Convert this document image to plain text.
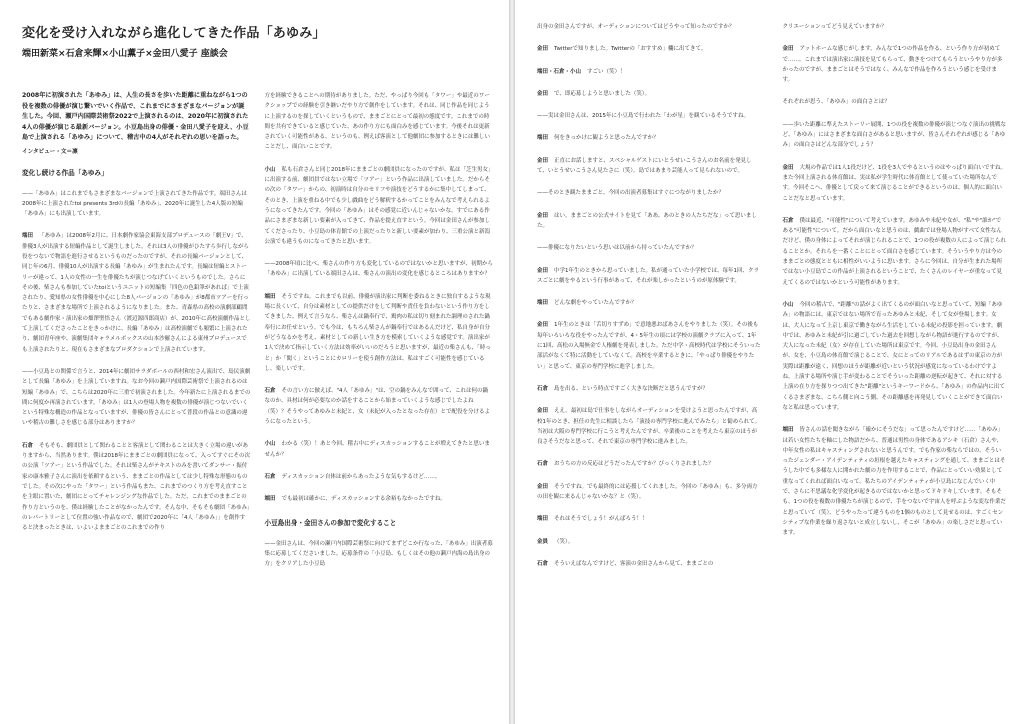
変化を受け入れながら進化してきた作品「あゆみ」
端田新菜×石倉来輝×小山薫子×金田八愛子 座談会
2008年に初演された「あゆみ」は、人生の長さを歩いた距離に重ねながら1つの役を複数の俳優が演じ繋いでいく作品で、これまでにさまざまなバージョンが誕生した。今回、瀬戸内国際芸術祭2022で上演されるのは、2020年に初演された4人の俳優が演じる最新バージョン。小豆島出身の俳優・金田八愛子を迎え、小豆島で上演される「あゆみ」について、稽古中の4人がそれぞれの思いを語った。
インタビュー・文＝凛
変化し続ける作品「あゆみ」

——「あゆみ」はこれまでもさまざまなバージョンで上演されてきた作品です。端田さんは2008年に上演されたtoi presents 3rdの長編「あゆみ」、2020年に誕生した4人版の短編「あゆみ」にも出演しています。

端田 「あゆみ」は2008年2月に、日本劇作家協会東海支部プロデュースの「劇王V」で、俳優3人が出演する短編作品として誕生しました。それは3人の俳優がひたすら歩行しながら役をつないで物語を進行させるというものだったのですが、それの長編バージョンとして、同じ年の6月、俳優10人が出演する長編「あゆみ」が生まれたんです。長編は短編とストーリーが違って、1人の女性の一生を俳優たちが演じつなげていくというものでした。さらにその後、柴さんも参加していたtoiというユニットの短編集「四色の色鉛筆があれば」で上演されたり、愛知県の女性俳優を中心にした8人バージョンの「あゆみ」が8都市ツアーを行ったりと、さまざまな場所で上演されるようになりました。また、青森県の高校の演劇部顧問でもある劇作家・演出家の畑澤聖悟さん（渡辺源四郎商店）が、2010年に高校演劇作品として上演してくださったことをきっかけに、長編「あゆみ」は高校演劇でも頻繁に上演されたり、劇団青年座や、演劇集団キャラメルボックスの山本沙羅さんによる東州プロデュースでも上演されたりと、現在もさまざまなプロダクションで上演されています。

——小豆島との関係で言うと、2014年に劇団サラダボールの西村和宏さん演出で、島民演劇として長編「あゆみ」を上演していますね。なお今回の瀬戸内国際芸術祭で上演されるのは短編「あゆみ」で、こちらは2020年に三重で初演されました。今年新たに上演されるまでの間に何度か再演されています。「あゆみ」は1人の登場人物を複数の俳優が演じつないでいくという特殊な構造の作品となっていますが、俳優の皆さんにとって普段の作品との意識の違いや稽古の難しさを感じる部分はありますか？

石倉 そもそも、劇団員として関わることと客演として関わることは大きく立場の違いがありますから、当然あります。僕は2018年にままごとの劇団員になって、入ってすぐにその次の公演「ツアー」という作品でした。それは柴さんがテキストのみを書いてダンサー・振付家の康本雅子さんに演出を依頼するという、ままごとの作品としては少し特殊な形態のものでした。その次にやった「タワー」という作品もまた、これまでのつくり方を考え直すことを主眼に置いた、劇団にとってチャレンジングな作品でした。ただ、これまでのままごとの作り方というのを、僕は経験したことがなかったんです。そんな中、そもそも劇団「あゆみ」のレパートリーとして位置の強い作品なので、劇団で2020年に「4人「あゆみ」」を創作すると決まったときは、いよいよままごとのこれまでの作り

方を経験できることへの期待がありました。ただ、やっぱり今回も「タワー」や最近のワークショップでの経験を引き継いだやり方で創作をしています。それは、同じ作品を同じように上演するのを探していくというもので、ままごとにとって最初の態度です。これまでの時間を共有できていると感じていた、あの作り方にも面白みを感じています。今後それは更新されていく可能性がある、というのも、例えば客演として他劇団に参加するときには難しいことだし、面白いことです。

小山 私も石倉さんと同じ2018年にままごとの劇団員になったのですが、私は「芝生男女」に出演する前、劇団員ではない立場で「ツアー」という作品に出演していました。だからその次の「タワー」からの、初演時は自分のセリフや演技をどうするかに集中してしまって、そのとき、上演を重ねる中でも少し戯曲をどう解釈するかってことをみんなで考えられるようになってきたんです。今回の「あゆみ」はその感覚に近いんじゃないかな。すでにある作品にさまざまな新しい要素が入ってきて、作品を提え直すという。今回は金田さんが参加してくださったり、小豆島の体育館での上演だったりと新しい要素が加わり、三重公演と新潟公演でも違うものになってきたと思います。

——2008年頃に比べ、柴さんの作り方も変化しているのではないかと思いますが、初期から「あゆみ」に出演している端田さんは、柴さんの演出の変化を感じるところはありますか？

端田 そうですね。これまでも以前、俳優が演出家に判断を委ねるときに独自するような現場に長くいて、自分は素材としての提供だけをして判断や責任を負わないという作り方をしてきました。例えて言うなら、柴さんは鍋奉行で、鶏肉の私は切り刻まれた調理のされた鍋奉行にお任せという。でも今は、もちろん柴さんが鍋奉行ではあるんだけど、私自身が自分がどうなるかを考え、素材としての新しい生き方を模索していくような感覚です。演出家が1人で決めて指示していく方法は効率がいいのだろうと思いますが、最近の柴さんも、「時っと」か「聞く」ということにカロリーを使う創作方法は、私はすごく可能性を感じているし、楽しいです。

石倉 その言い方に倣えば、"4人「あゆみ」"は、空の鍋をみんなで囲って、これは何の鍋なのか、具材は何が必要なのか話をすることから始まっていくような感じでしたよね（笑）？そうやってあゆみと未紀と、女（未紀が入ったとなった存在）とで配役を分けるようになったという。

小山 わかる（笑）！あと今回、稽古中にディスカッションすることが増えてきたと思いませんか？

石倉 ディスカッション自体は前からあったような気もするけど……。

端田 でも最初は確かに、ディスカッションする余裕もなかったですね。

小豆島出身・金田さんの参加で変化すること

——金田さんは、今回の瀬戸内国際芸術祭に向けてまずどこか行なった、「あゆみ」出演者募集に応募してくださいました。応募条件の「小豆島、もしくはその他の瀬戸内海の島出身の方」をクリアした小豆島

出身の金田さんですが、オーディションについてはどうやって知ったのですか？

金田 Twitterで知りました。Twitterの「おすすめ」欄に出てきて。

端田・石倉・小山 すごい（笑）！

金田 で、即応募しようと思いました（笑）。

——実は金田さんは、2015年に小豆島で行われた「わが星」を観ているそうですね。

端田 何をきっかけに観ようと思ったんですか？

金田 正直にお話しますと、スペシャルゲストにいとうせいこうさんのお名前を発見して、いとうせいこうさん見たさに（笑）。島ではあまり芸能人って見られないので。

——そのとき観たままごと、今回の出演者募集はすぐにつながりましたか？

金田 はい。ままごとの公式サイトを見て「ああ、あのときの人たちだな」って思いました。

——俳優になりたいという思いは以前から持っていたんですか？

金田 中学1年生のときから思っていました。私が通っていた小学校では、毎年1回、クラスごとに劇をやるという行事があって、それが楽しかったというのが原体験です。

端田 どんな劇をやっていたんですか？

金田 1年生のときは「舌切りすずめ」で意地悪おばあさんをやりました（笑）。その後も毎年いろいろな役をやったんですが、4・5年生の頃には学校の演劇クラブに入って、1年に1回、高松の入場無金で人権劇を発表しました。ただ中学・高校時代は学校にそういった部活がなくて特に活動をしていなくて。高校を卒業するときに、「やっぱり俳優をやりたい」と思って、東京の専門学校に進学しました。

石倉 島を出る、という時点ですごく大きな決断だと思うんですが？

金田 ええ。最初は島で仕事をしながらオーディションを受けようと思ったんですが、高校1年のとき、担任の先生に相談したら「演技の専門学校に進んでみたら」と勧められて。当初は大阪の専門学校に行こうと考えたんですが、卒業後のことを考えたら東京のほうが良さそうだなと思って、それで東京の専門学校に進みました。

石倉 おうちの方の反応はどうだったんですか？びっくりされました？

金田 そうですね。でも最終的には応援してくれました。今回の「あゆみ」も、多分両方の田を観に来るんじゃないかな？と（笑）。

端田 それはそうでしょう！がんばろう！！

金員 （笑）。

石倉 そういえばなんですけど、客演の金田さんから見て、ままごとの

クリエーションってどう見えていますか？

金田 アットホームな感じがします。みんなで1つの作品を作る、という作り方が初めてで……。これまでは演出家に演技を見てもらって、動きをつけてもらうというやり方が多かったのですが、ままごとはそうではなく、みんなで作品を作ろうという感じを受けます。

それぞれが思う、「あゆみ」の面白さとは？

——歩いた距離に準えたストーリー展開、1つの役を複数の俳優が演じつなぐ演出の挑戦など、「あゆみ」にはさまざまな面白さがあると思いますが、皆さんそれぞれが感じる「あゆみ」の面白さはどんな部分でしょう？

金田 大規の作品では1人1役だけど、1役を3人でやるというのはやっぱり面白いですね。また今回上演される体育館は、実は私が学生時代に体育館として使っていた場所なんです。今回そこへ、俳優として戻って来て演じることができるというのは、個人的に面白いことだなと思っています。

石倉 僕は最近、"可能性"について考えています。あゆみや未紀や女が、"私"や"誰か"である"可能性"について。だから面白いなと思うのは、戯曲では登場人物がすべて女性なんだけど、僕の身体によってそれが演じられることで、1つの役が複数の人によって演じられることとか。それらを一番くことにとって面白さを感じています。そういうやり方は今のままごとの態度とともに相性がいいように思います。さらに今回は、自分が生まれた場所ではない小豆島でこの作品が上演されるということで、たくさんのレイヤーが重なって見えてくるのではないかという可能性があります。

小山 今回の稽古で、"距離"の話がよく出てくるのが面白いなと思っていて、短編「あゆみ」の物語には、東京ではない場所で育ったあゆみと未紀、そして女が登場します。女は、大人になって上京し東京で働きながら生活をしている未紀の投影を担っています。劇中では、あゆみと未紀が引に過ごしていた過去を回想しながら物語が進行するのですが、大人になった未紀（女）が存在していた場所は東京です。今回、小豆島出身の金田さんが、女を、小豆島の体育館で演じることで、女にとってのリアルであるはずの東京の方が実際は距離が遠く、回想のほうが距離が近いという状況が感覚になっているわけですよね。上演する場所や演じ手が変わることでそういった距離の逆転が起きて、それに対する上演の在り方を探りつつ出てきた"距離"というキーワードから、「あゆみ」の作品内に出てくるさまざまな、こちら側と向こう側、その距離感を再発見していくことができて面白いなと私は思っています。

端田 皆さんの話を聞きながら「確かにそうだな」って思ったんですけど……「あゆみ」は若い女性たちを軸にした物語だから、普通は男性の身体であるアシキ（石倉）さんや、中年女性の私はキャスティングされないと思うんです。でも作家の柴ならではの、そういったジェンダー・アイデンティティの垣根を越えたキャスティングを通して、ままごとはそうした中でも多様な人に開かれた劇の力を作用することで、作品にとっていい効果として重なってくれれば面白いなって。私たちのアイデンティティが小豆島になじんでいく中で、さらに不思議な化学変化が起きるのではないかと思ってドキドキしています。そもそも、1つの役を複数の俳優たちが演じるので、手をつないで宇宙人を呼ぶような変な作業だと思っていて（笑）、どうやったって違うものを1個のものとして見せるのは、すごくセンシティブな作業を繰り返さないと成立しないし、そこが「あゆみ」の楽しさだと思っています。
